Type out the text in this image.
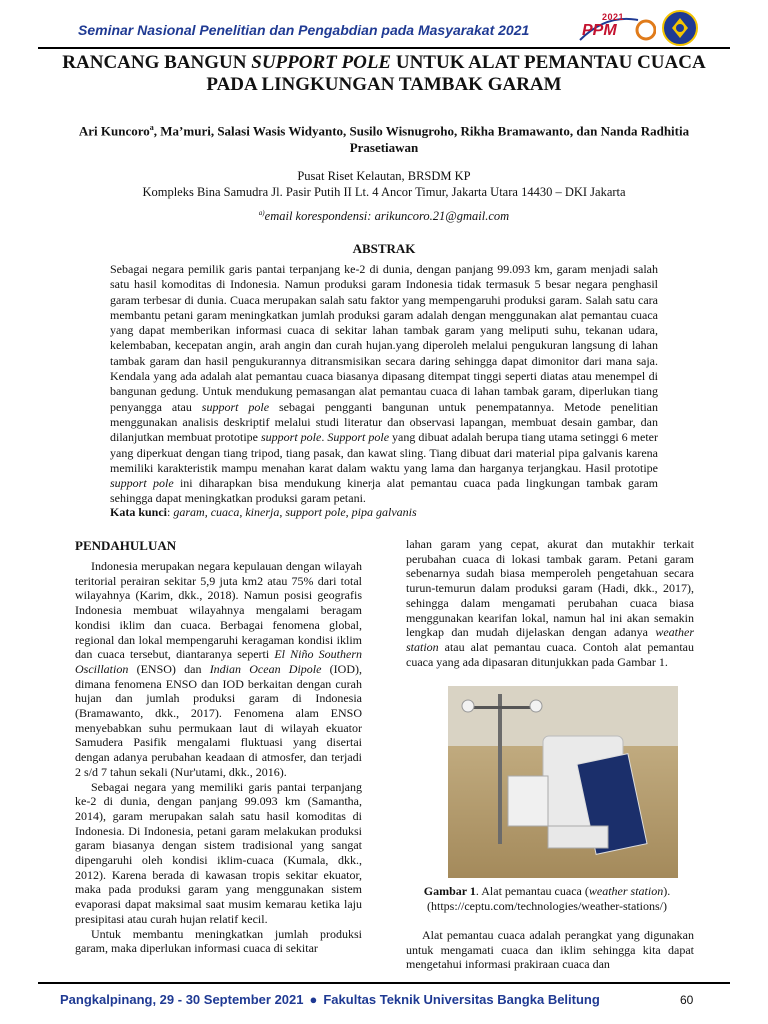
Seminar Nasional Penelitian dan Pengabdian pada Masyarakat 2021
2021
PPM
RANCANG BANGUN SUPPORT POLE UNTUK ALAT PEMANTAU CUACA PADA LINGKUNGAN TAMBAK GARAM
Ari Kuncoro$^a$, Ma’muri, Salasi Wasis Widyanto, Susilo Wisnugroho, Rikha Bramawanto, dan Nanda Radhitia Prasetiawan
Pusat Riset Kelautan, BRSDM KP
Kompleks Bina Samudra Jl. Pasir Putih II Lt. 4 Ancor Timur, Jakarta Utara 14430 – DKI Jakarta
$^{a)}$email korespondensi: arikuncoro.21@gmail.com
ABSTRAK

Sebagai negara pemilik garis pantai terpanjang ke-2 di dunia, dengan panjang 99.093 km, garam menjadi salah satu hasil komoditas di Indonesia. Namun produksi garam Indonesia tidak termasuk 5 besar negara penghasil garam terbesar di dunia. Cuaca merupakan salah satu faktor yang mempengaruhi produksi garam. Salah satu cara membantu petani garam meningkatkan jumlah produksi garam adalah dengan menggunakan alat pemantau cuaca yang dapat memberikan informasi cuaca di sekitar lahan tambak garam yang meliputi suhu, tekanan udara, kelembaban, kecepatan angin, arah angin dan curah hujan.yang diperoleh melalui pengukuran langsung di lahan tambak garam dan hasil pengukurannya ditransmisikan secara daring sehingga dapat dimonitor dari mana saja. Kendala yang ada adalah alat pemantau cuaca biasanya dipasang ditempat tinggi seperti diatas atau menempel di bangunan gedung. Untuk mendukung pemasangan alat pemantau cuaca di lahan tambak garam, diperlukan tiang penyangga atau support pole sebagai pengganti bangunan untuk penempatannya. Metode penelitian menggunakan analisis deskriptif melalui studi literatur dan observasi lapangan, membuat desain gambar, dan dilanjutkan membuat prototipe support pole. Support pole yang dibuat adalah berupa tiang utama setinggi 6 meter yang diperkuat dengan tiang tripod, tiang pasak, dan kawat sling. Tiang dibuat dari material pipa galvanis karena memiliki karakteristik mampu menahan karat dalam waktu yang lama dan harganya terjangkau. Hasil prototipe support pole ini diharapkan bisa mendukung kinerja alat pemantau cuaca pada lingkungan tambak garam sehingga dapat meningkatkan produksi garam petani.

Kata kunci: garam, cuaca, kinerja, support pole, pipa galvanis
PENDAHULUAN

Indonesia merupakan negara kepulauan dengan wilayah teritorial perairan sekitar 5,9 juta km2 atau 75% dari total wilayahnya (Karim, dkk., 2018). Namun posisi geografis Indonesia membuat wilayahnya mengalami beragam kondisi iklim dan cuaca. Berbagai fenomena global, regional dan lokal mempengaruhi keragaman kondisi iklim dan cuaca tersebut, diantaranya seperti El Niño Southern Oscillation (ENSO) dan Indian Ocean Dipole (IOD), dimana fenomena ENSO dan IOD berkaitan dengan curah hujan dan jumlah produksi garam di Indonesia (Bramawanto, dkk., 2017). Fenomena alam ENSO menyebabkan suhu permukaan laut di wilayah ekuator Samudera Pasifik mengalami fluktuasi yang disertai dengan adanya perubahan keadaan di atmosfer, dan terjadi 2 s/d 7 tahun sekali (Nur'utami, dkk., 2016).

Sebagai negara yang memiliki garis pantai terpanjang ke-2 di dunia, dengan panjang 99.093 km (Samantha, 2014), garam merupakan salah satu hasil komoditas di Indonesia. Di Indonesia, petani garam melakukan produksi garam biasanya dengan sistem tradisional yang sangat dipengaruhi oleh kondisi iklim-cuaca (Kumala, dkk., 2012). Karena berada di kawasan tropis sekitar ekuator, maka pada produksi garam yang menggunakan sistem evaporasi dapat maksimal saat musim kemarau ketika laju presipitasi atau curah hujan relatif kecil.

Untuk membantu meningkatkan jumlah produksi garam, maka diperlukan informasi cuaca di sekitar

lahan garam yang cepat, akurat dan mutakhir terkait perubahan cuaca di lokasi tambak garam. Petani garam sebenarnya sudah biasa memperoleh pengetahuan secara turun-temurun dalam produksi garam (Hadi, dkk., 2017), sehingga dalam mengamati perubahan cuaca biasa menggunakan kearifan lokal, namun hal ini akan semakin lengkap dan mudah dijelaskan dengan adanya weather station atau alat pemantau cuaca. Contoh alat pemantau cuaca yang ada dipasaran ditunjukkan pada Gambar 1.

Gambar 1. Alat pemantau cuaca (weather station).
(https://ceptu.com/technologies/weather-stations/)

Alat pemantau cuaca adalah perangkat yang digunakan untuk mengamati cuaca dan iklim sehingga kita dapat mengetahui informasi prakiraan cuaca dan

Pangkalpinang, 29 - 30 September 2021 ● Fakultas Teknik Universitas Bangka Belitung	60
